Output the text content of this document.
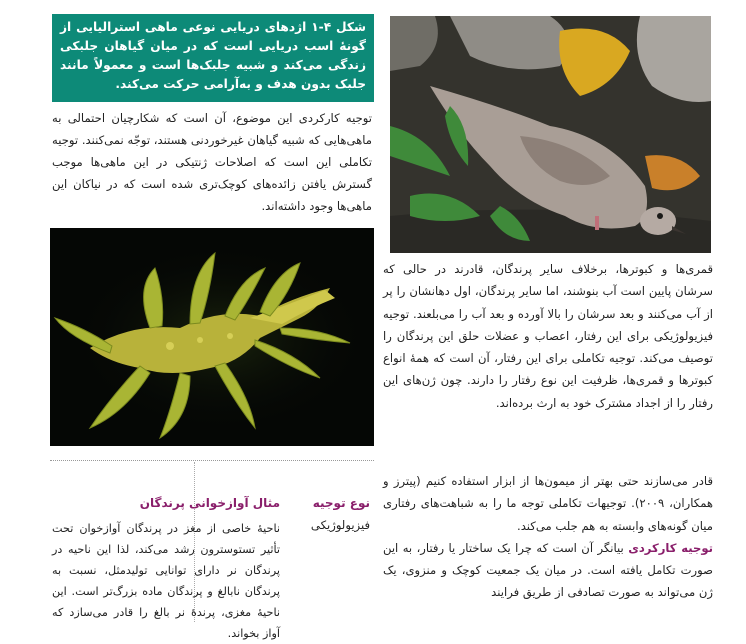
شکل ۴-۱ اژدهای دریایی نوعی ماهی استرالیایی از گونهٔ اسب دریایی است که در میان گیاهان جلبکی زندگی می‌کند و شبیه جلبک‌ها است و معمولاً مانند جلبک بدون هدف و به‌آرامی حرکت می‌کند.
توجیه کارکردی این موضوع، آن است که شکارچیان احتمالی به ماهی‌هایی که شبیه گیاهان غیرخوردنی هستند، توجّه نمی‌کنند. توجیه تکاملی این است که اصلاحات ژنتیکی در این ماهی‌ها موجب گسترش یافتن زائده‌های کوچک‌تری شده است که در نیاکان این ماهی‌ها وجود داشته‌اند.
قمری‌ها و کبوترها، برخلاف سایر پرندگان، قادرند در حالی که سرشان پایین است آب بنوشند، اما سایر پرندگان، اول دهانشان را پر از آب می‌کنند و بعد سرشان را بالا آورده و بعد آب را می‌بلعند. توجیه فیزیولوژیکی برای این رفتار، اعصاب و عضلات حلق این پرندگان را توصیف می‌کند. توجیه تکاملی برای این رفتار، آن است که همهٔ انواع کبوترها و قمری‌ها، ظرفیت این نوع رفتار را دارند. چون ژن‌های این رفتار را از اجداد مشترک خود به ارث برده‌اند.
نوع توجیه
فیزیولوژیکی
مثال آوازخوانی پرندگان
ناحیهٔ خاصی از مغز در پرندگان آوازخوان تحت تأثیر تستوسترون رشد می‌کند، لذا این ناحیه در پرندگان نر دارای توانایی تولیدمثل، نسبت به پرندگان نابالغ و پرندگان ماده بزرگ‌تر است. این ناحیهٔ مغزی، پرندهٔ نر بالغ را قادر می‌سازد که آواز بخواند.
قادر می‌سازند حتی بهتر از میمون‌ها از ابزار استفاده کنیم (پیترز و همکاران، ۲۰۰۹). توجیهات تکاملی توجه ما را به شباهت‌های رفتاری میان گونه‌های وابسته به هم جلب می‌کند.
توجیه کارکردی بیانگر آن است که چرا یک ساختار یا رفتار، به این صورت تکامل یافته است. در میان یک جمعیت کوچک و منزوی، یک ژن می‌تواند به صورت تصادفی از طریق فرایند
